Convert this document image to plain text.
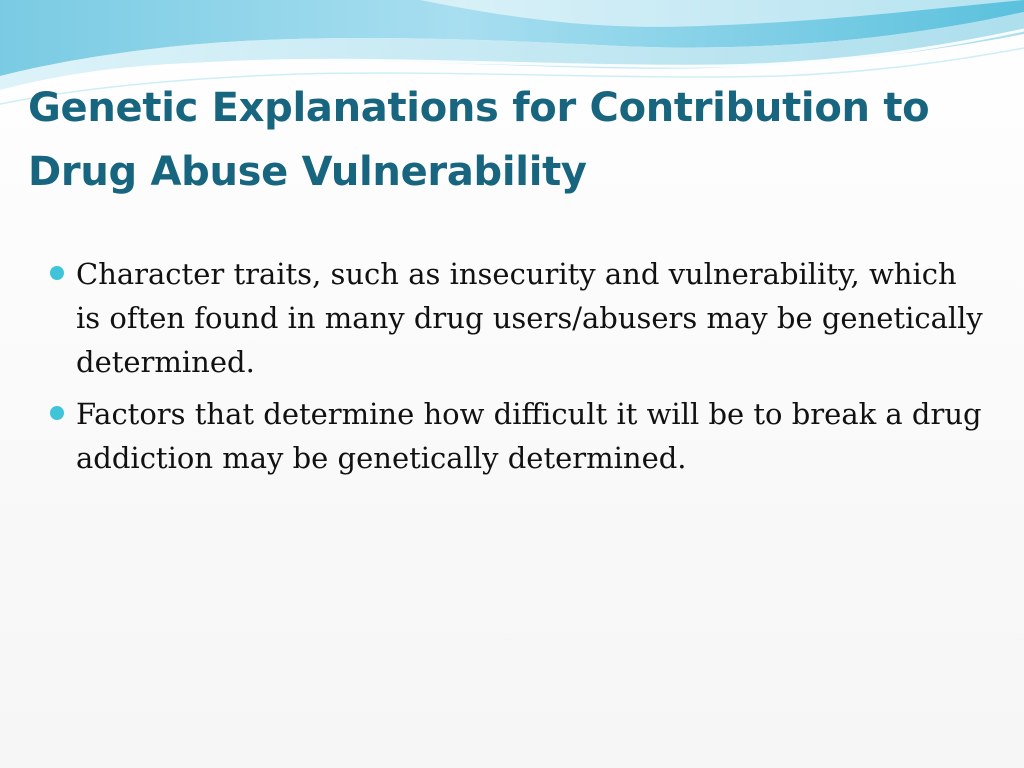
Genetic Explanations for Contribution to Drug Abuse Vulnerability
Character traits, such as insecurity and vulnerability, which is often found in many drug users/abusers may be genetically determined.
Factors that determine how difficult it will be to break a drug addiction may be genetically determined.
